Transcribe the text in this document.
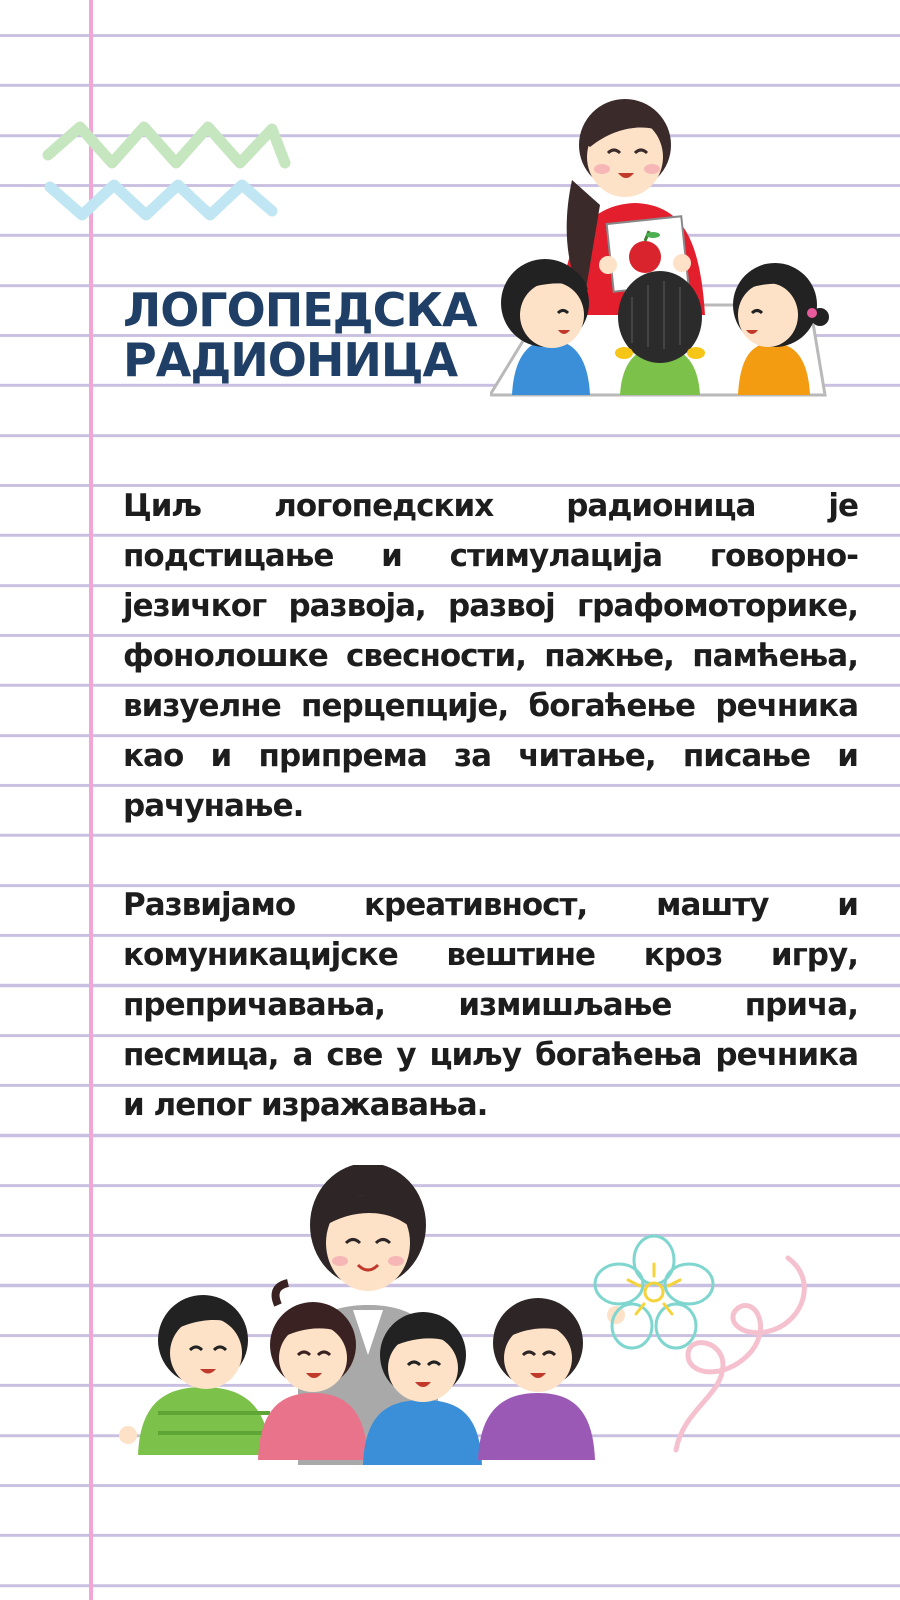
ЛОГОПЕДСКА
РАДИОНИЦА

Циљ логопедских радионица је подстицање и стимулација говорно-језичког развоја, развој графомоторике, фонолошке свесности, пажње, памћења, визуелне перцепције, богаћење речника као и припрема за читање, писање и рачунање.

Развијамо креативност, машту и комуникацијске вештине кроз игру, препричавања, измишљање прича, песмица, а све у циљу богаћења речника и лепог изражавања.
